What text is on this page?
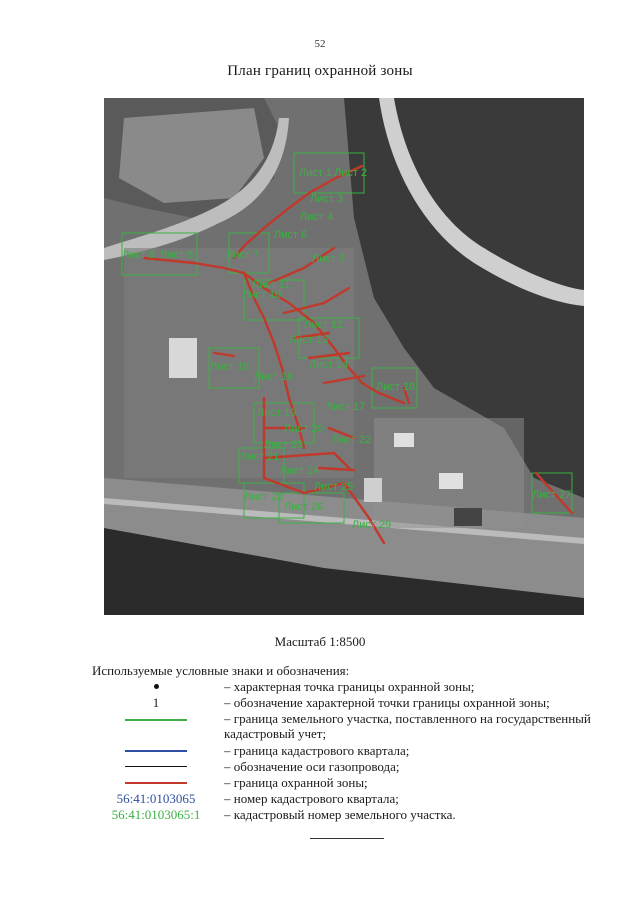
52
План границ охранной зоны
Лист 1 Лист 2
Лист 3
Лист 4
Лист 5
Лист 6
Лист 7
Лист 8
Лист 9
Лист 10
Лист 11
Лист 12
Лист 13
Лист 14
Лист 15
Лист 16
Лист 17
Лист 18
Лист 19
Лист 20
Лист 21
Лист 22
Лист 23
Лист 24
Лист 25
Лист 26
Лист 27
Лист 28
Лист 29
Масштаб 1:8500
Используемые условные знаки и обозначения:
– характерная точка границы охранной зоны;
1	– обозначение характерной точки границы охранной зоны;
– граница земельного участка, поставленного на государственный кадастровый учет;
– граница кадастрового квартала;
– обозначение оси газопровода;
– граница охранной зоны;
56:41:0103065	– номер кадастрового квартала;
56:41:0103065:1	– кадастровый номер земельного участка.
